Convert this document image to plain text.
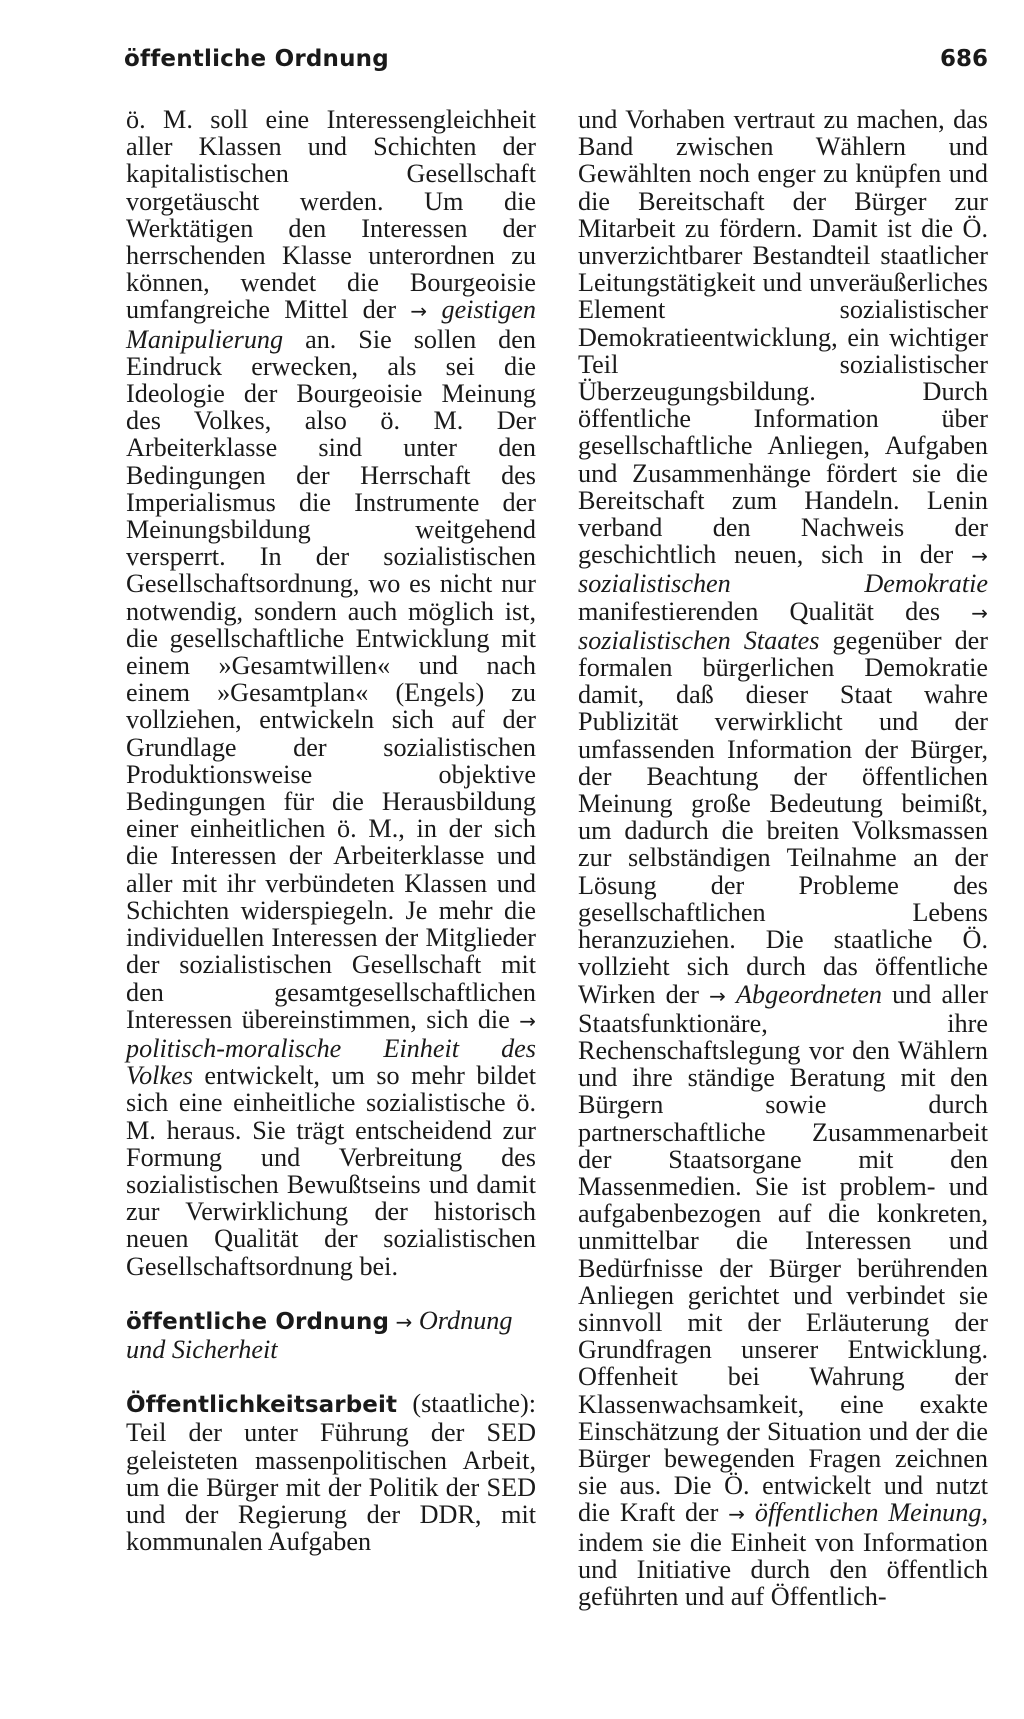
öffentliche Ordnung	686

ö. M. soll eine Interessengleichheit aller Klassen und Schichten der kapitalistischen Gesellschaft vorgetäuscht werden. Um die Werktätigen den Interessen der herrschenden Klasse unterordnen zu können, wendet die Bourgeoisie umfangreiche Mittel der → geistigen Manipulierung an. Sie sollen den Eindruck erwecken, als sei die Ideologie der Bourgeoisie Meinung des Volkes, also ö. M. Der Arbeiterklasse sind unter den Bedingungen der Herrschaft des Imperialismus die Instrumente der Meinungsbildung weitgehend versperrt. In der sozialistischen Gesellschaftsordnung, wo es nicht nur notwendig, sondern auch möglich ist, die gesellschaftliche Entwicklung mit einem »Gesamtwillen« und nach einem »Gesamtplan« (Engels) zu vollziehen, entwickeln sich auf der Grundlage der sozialistischen Produktionsweise objektive Bedingungen für die Herausbildung einer einheitlichen ö. M., in der sich die Interessen der Arbeiterklasse und aller mit ihr verbündeten Klassen und Schichten widerspiegeln. Je mehr die individuellen Interessen der Mitglieder der sozialistischen Gesellschaft mit den gesamtgesellschaftlichen Interessen übereinstimmen, sich die → politisch-moralische Einheit des Volkes entwickelt, um so mehr bildet sich eine einheitliche sozialistische ö. M. heraus. Sie trägt entscheidend zur Formung und Verbreitung des sozialistischen Bewußtseins und damit zur Verwirklichung der historisch neuen Qualität der sozialistischen Gesellschaftsordnung bei.

öffentliche Ordnung → Ordnung und Sicherheit

Öffentlichkeitsarbeit (staatliche): Teil der unter Führung der SED geleisteten massenpolitischen Arbeit, um die Bürger mit der Politik der SED und der Regierung der DDR, mit kommunalen Aufgaben

und Vorhaben vertraut zu machen, das Band zwischen Wählern und Gewählten noch enger zu knüpfen und die Bereitschaft der Bürger zur Mitarbeit zu fördern. Damit ist die Ö. unverzichtbarer Bestandteil staatlicher Leitungstätigkeit und unveräußerliches Element sozialistischer Demokratieentwicklung, ein wichtiger Teil sozialistischer Überzeugungsbildung. Durch öffentliche Information über gesellschaftliche Anliegen, Aufgaben und Zusammenhänge fördert sie die Bereitschaft zum Handeln. Lenin verband den Nachweis der geschichtlich neuen, sich in der → sozialistischen Demokratie manifestierenden Qualität des → sozialistischen Staates gegenüber der formalen bürgerlichen Demokratie damit, daß dieser Staat wahre Publizität verwirklicht und der umfassenden Information der Bürger, der Beachtung der öffentlichen Meinung große Bedeutung beimißt, um dadurch die breiten Volksmassen zur selbständigen Teilnahme an der Lösung der Probleme des gesellschaftlichen Lebens heranzuziehen. Die staatliche Ö. vollzieht sich durch das öffentliche Wirken der → Abgeordneten und aller Staatsfunktionäre, ihre Rechenschaftslegung vor den Wählern und ihre ständige Beratung mit den Bürgern sowie durch partnerschaftliche Zusammenarbeit der Staatsorgane mit den Massenmedien. Sie ist problem- und aufgabenbezogen auf die konkreten, unmittelbar die Interessen und Bedürfnisse der Bürger berührenden Anliegen gerichtet und verbindet sie sinnvoll mit der Erläuterung der Grundfragen unserer Entwicklung. Offenheit bei Wahrung der Klassenwachsamkeit, eine exakte Einschätzung der Situation und der die Bürger bewegenden Fragen zeichnen sie aus. Die Ö. entwickelt und nutzt die Kraft der → öffentlichen Meinung, indem sie die Einheit von Information und Initiative durch den öffentlich geführten und auf Öffentlich-
